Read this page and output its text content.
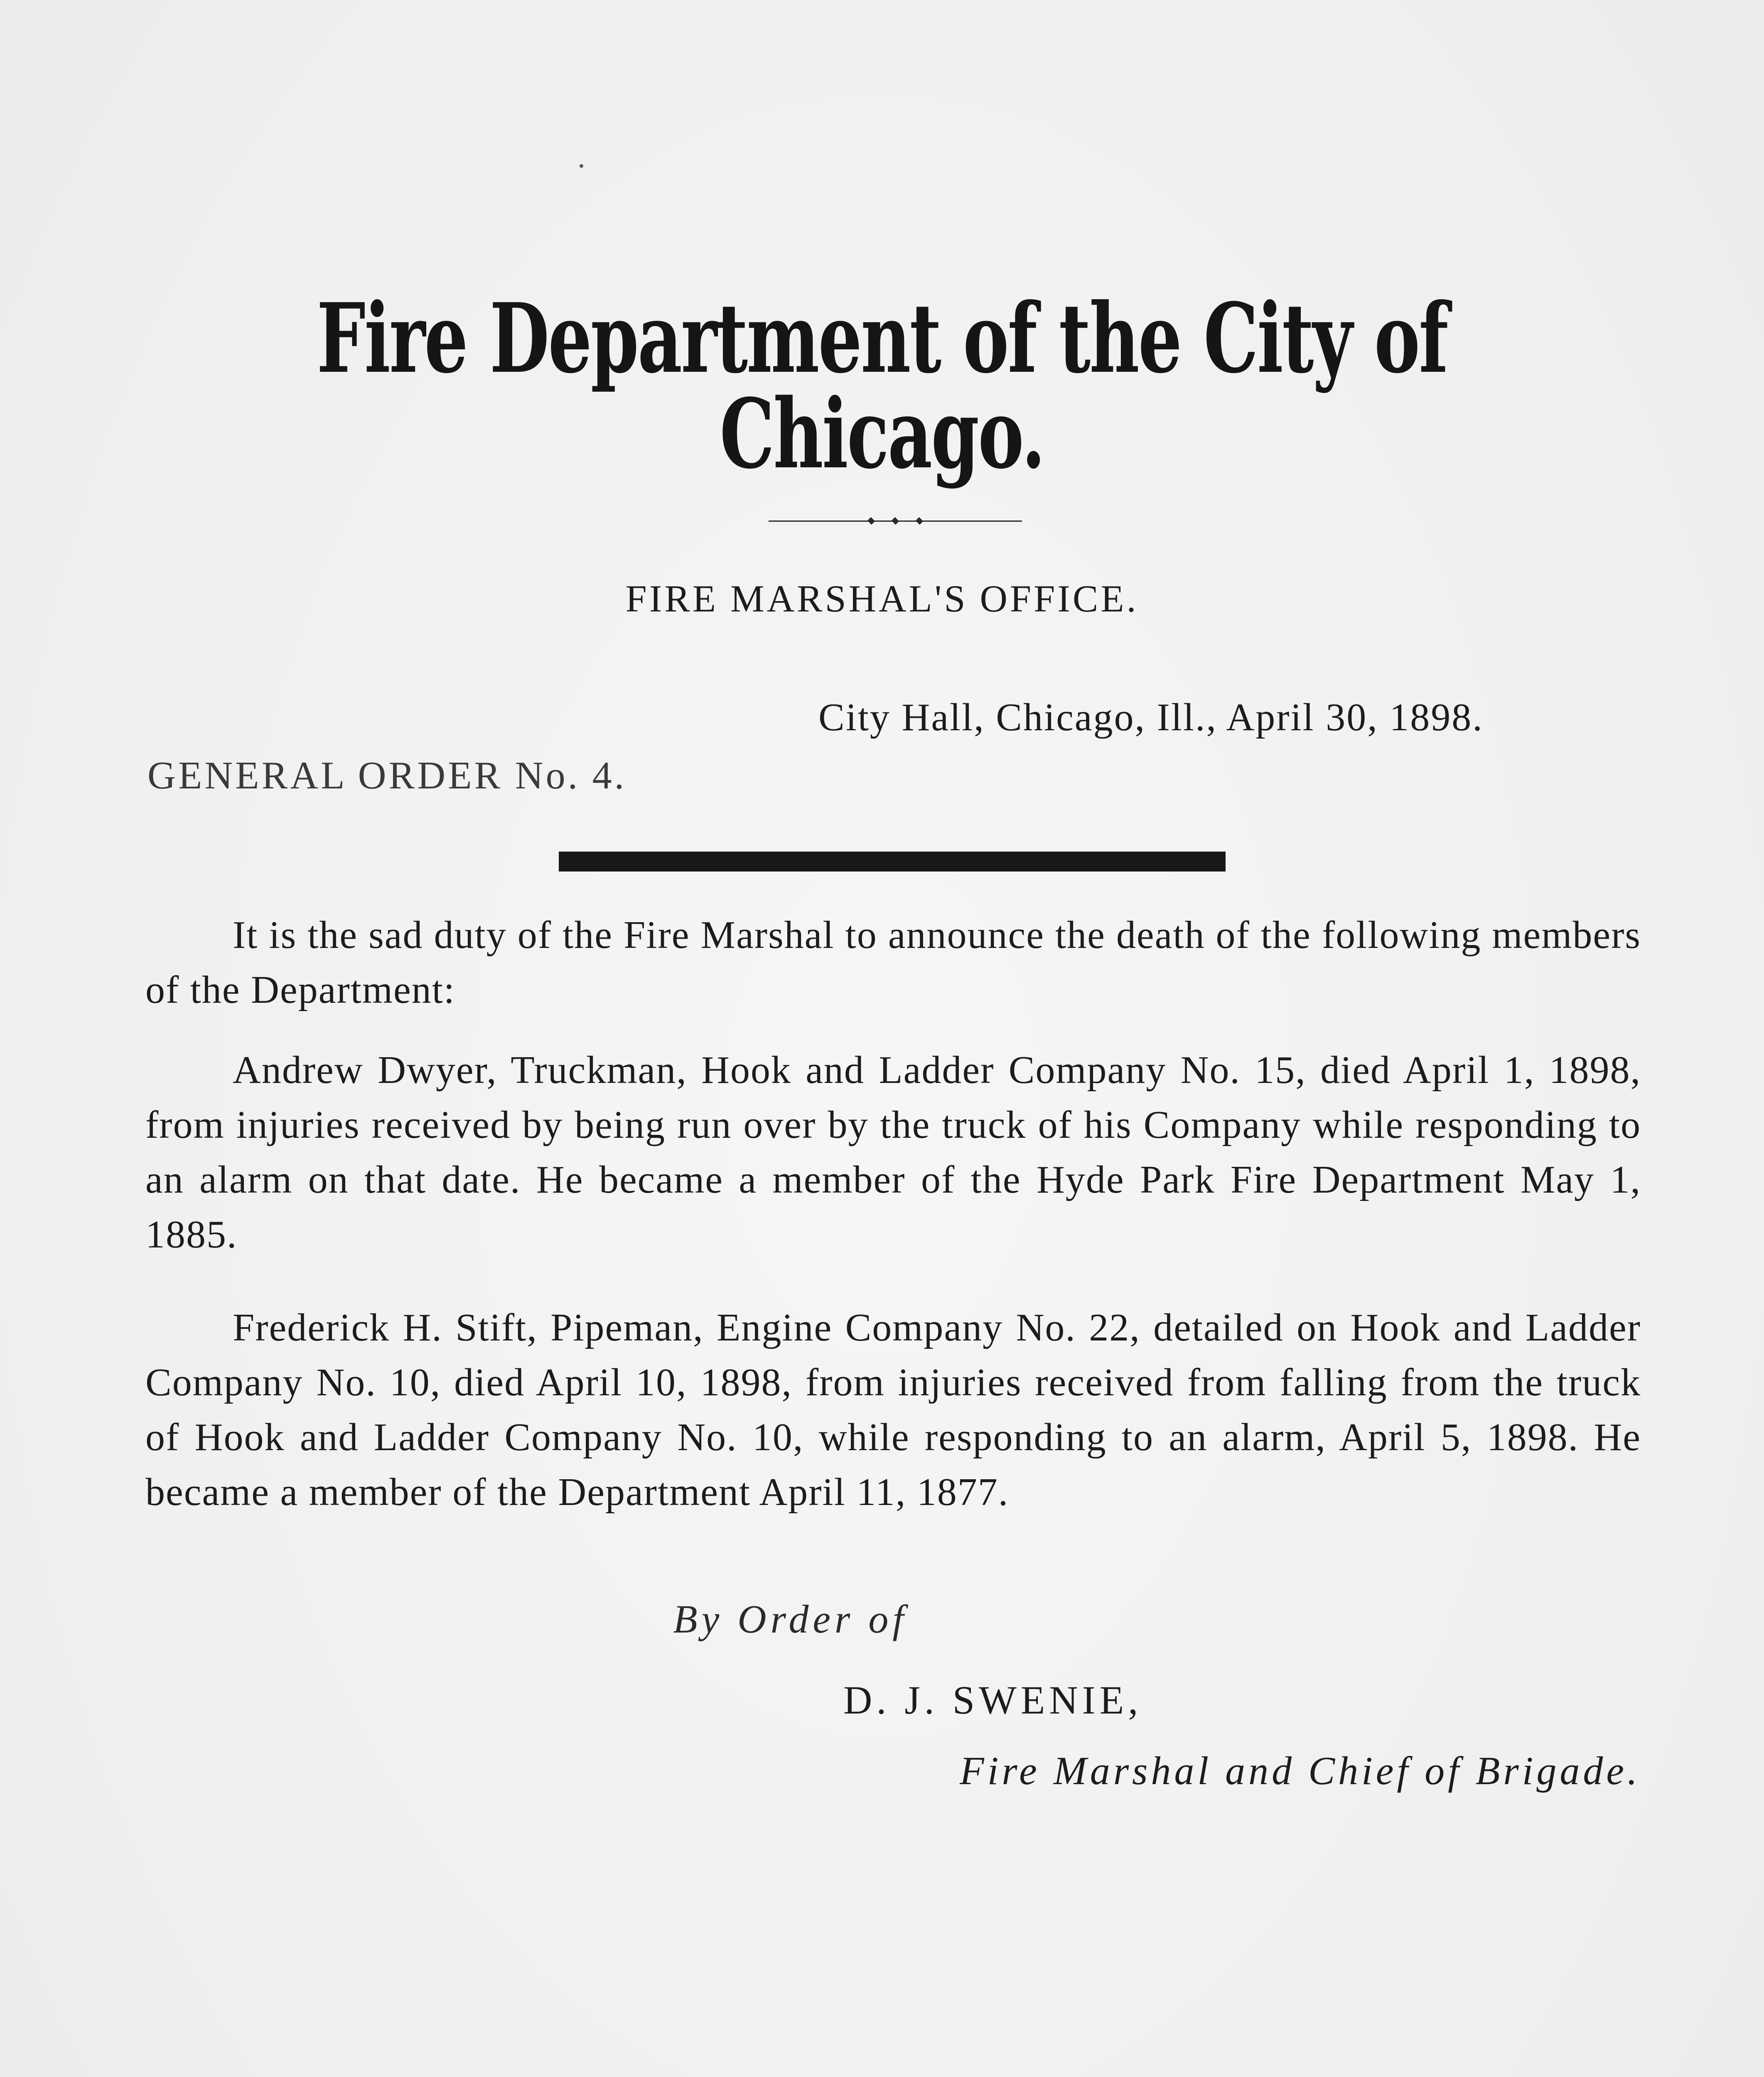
Fire Department of the City of Chicago.
FIRE MARSHAL'S OFFICE.
City Hall, Chicago, Ill., April 30, 1898.
GENERAL ORDER No. 4.

It is the sad duty of the Fire Marshal to announce the death of the following members of the Department:

Andrew Dwyer, Truckman, Hook and Ladder Company No. 15, died April 1, 1898, from injuries received by being run over by the truck of his Company while responding to an alarm on that date. He became a member of the Hyde Park Fire Department May 1, 1885.

Frederick H. Stift, Pipeman, Engine Company No. 22, detailed on Hook and Ladder Company No. 10, died April 10, 1898, from injuries received from falling from the truck of Hook and Ladder Company No. 10, while responding to an alarm, April 5, 1898. He became a member of the Department April 11, 1877.

By Order of
D. J. SWENIE,
Fire Marshal and Chief of Brigade.
